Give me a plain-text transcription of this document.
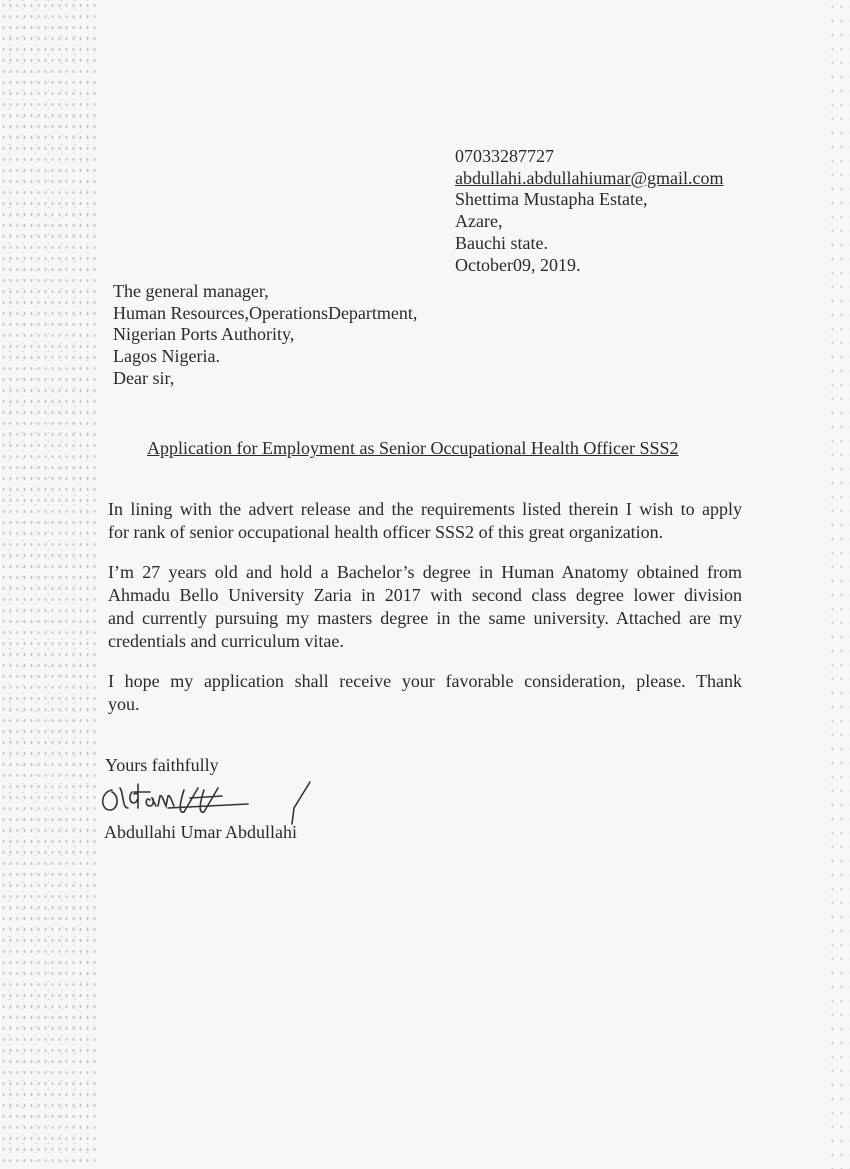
07033287727
abdullahi.abdullahiumar@gmail.com
Shettima Mustapha Estate,
Azare,
Bauchi state.
October09, 2019.
The general manager,
Human Resources,OperationsDepartment,
Nigerian Ports Authority,
Lagos Nigeria.
Dear sir,
Application for Employment as Senior Occupational Health Officer SSS2
In lining with the advert release and the requirements listed therein I wish to apply
for rank of senior occupational health officer SSS2 of this great organization.
I’m 27 years old and hold a Bachelor’s degree in Human Anatomy obtained from
Ahmadu Bello University Zaria in 2017 with second class degree lower division
and currently pursuing my masters degree in the same university. Attached are my
credentials and curriculum vitae.
I hope my application shall receive your favorable consideration, please. Thank
you.
Yours faithfully
Abdullahi Umar Abdullahi
